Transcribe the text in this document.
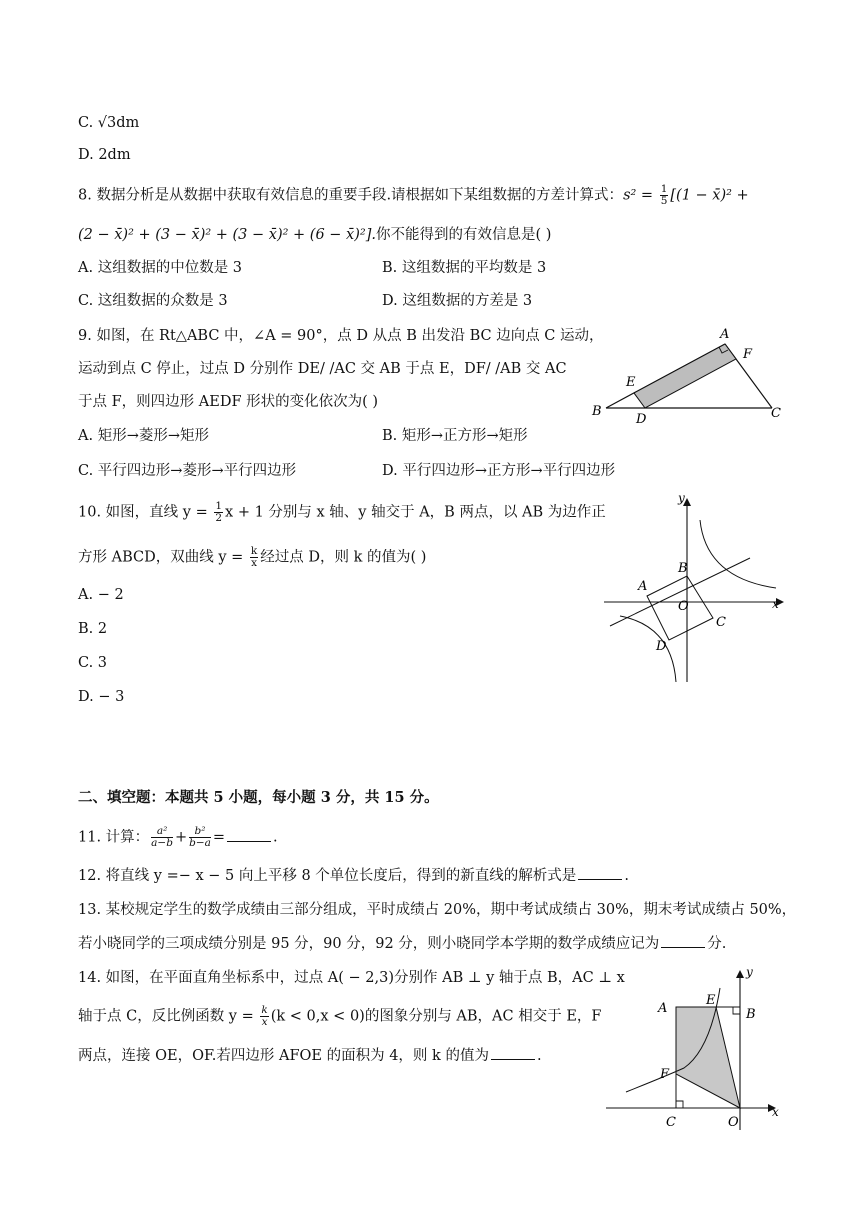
C. √3dm
D. 2dm
8. 数据分析是从数据中获取有效信息的重要手段.请根据如下某组数据的方差计算式：$s^2 = \frac{1}{5} [(1$ − x̄)² +
(2 − x̄)² + (3 − x̄)² + (3 − x̄)² + (6 − x̄)²].你不能得到的有效信息是( )
A. 这组数据的中位数是 3	B. 这组数据的平均数是 3
C. 这组数据的众数是 3	D. 这组数据的方差是 3
9. 如图，在 Rt△ABC 中，∠A = 90°，点 D 从点 B 出发沿 BC 边向点 C 运动，
运动到点 C 停止，过点 D 分别作 DE/ /AC 交 AB 于点 E，DF/ /AB 交 AC
于点 F，则四边形 AEDF 形状的变化依次为( )
A. 矩形→菱形→矩形	B. 矩形→正方形→矩形
C. 平行四边形→菱形→平行四边形	D. 平行四边形→正方形→平行四边形
A
B	C
D
E
F
10. 如图，直线 $y = \frac{1}{2}$ x + 1 分别与 x 轴、y 轴交于 A，B 两点，以 AB 为边作正
方形 ABCD，双曲线 $y = \frac{k}{x}$ 经过点 D，则 k 的值为( )
A. − 2
B. 2
C. 3
D. − 3
y
x
A
B
O
C
D
二、填空题：本题共 5 小题，每小题 3 分，共 15 分。
11. 计算： $\frac{\text{a²}}{a-b} + \frac{\text{b²}}{b-a}$ =	.
12. 将直线 y =− x − 5 向上平移 8 个单位长度后，得到的新直线的解析式是	.
13. 某校规定学生的数学成绩由三部分组成，平时成绩占 20%，期中考试成绩占 30%，期末考试成绩占 50%，
若小晓同学的三项成绩分别是 95 分，90 分，92 分，则小晓同学本学期的数学成绩应记为	分.
14. 如图，在平面直角坐标系中，过点 A( − 2,3)分别作 AB ⊥ y 轴于点 B，AC ⊥ x
轴于点 C，反比例函数 $y = \frac{k}{x} (k < 0,x < 0)$的图象分别与 AB，AC 相交于 E，F
两点，连接 OE，OF.若四边形 AFOE 的面积为 4，则 k 的值为	.
y
x
A	B
C
E
F
O
